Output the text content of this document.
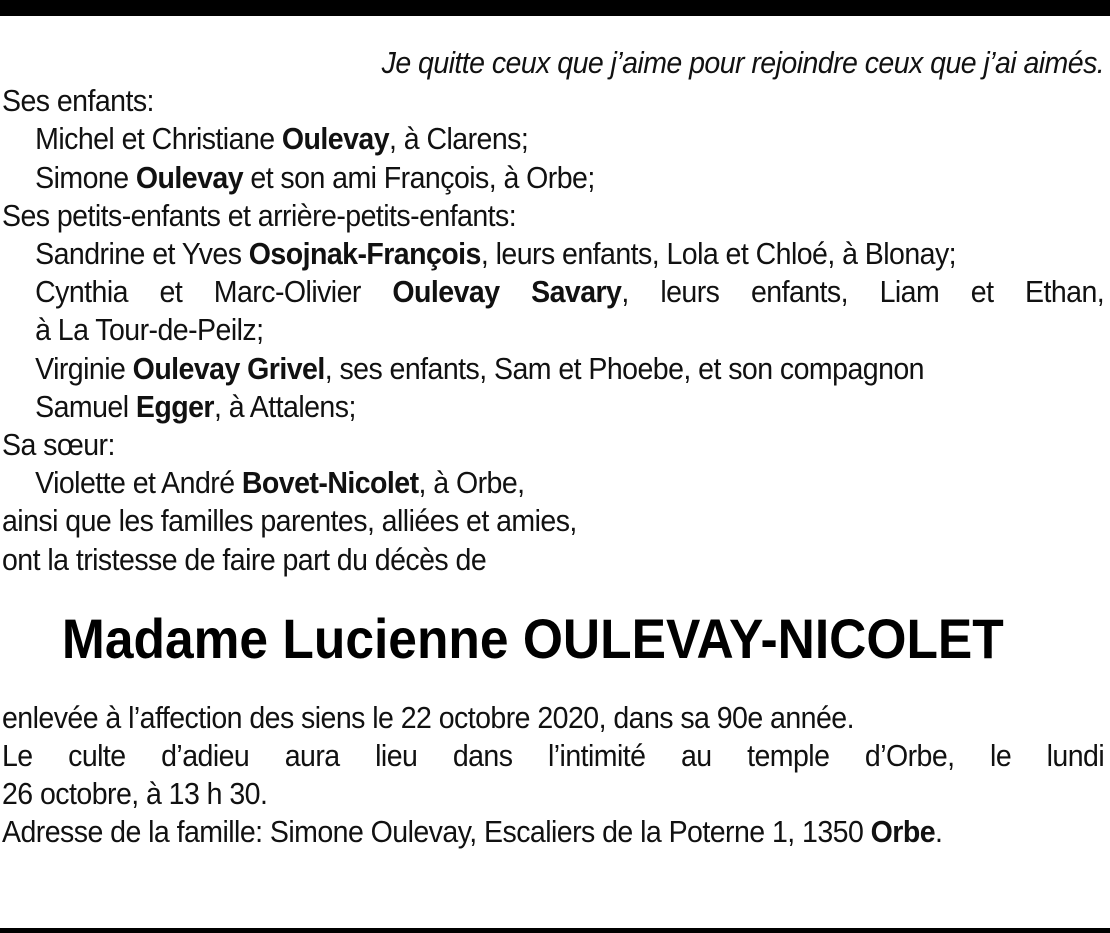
Je quitte ceux que j’aime pour rejoindre ceux que j’ai aimés.
Ses enfants:
Michel et Christiane Oulevay, à Clarens;
Simone Oulevay et son ami François, à Orbe;
Ses petits-enfants et arrière-petits-enfants:
Sandrine et Yves Osojnak-François, leurs enfants, Lola et Chloé, à Blonay;
Cynthia et Marc-Olivier Oulevay Savary, leurs enfants, Liam et Ethan,
à La Tour-de-Peilz;
Virginie Oulevay Grivel, ses enfants, Sam et Phoebe, et son compagnon
Samuel Egger, à Attalens;
Sa sœur:
Violette et André Bovet-Nicolet, à Orbe,
ainsi que les familles parentes, alliées et amies,
ont la tristesse de faire part du décès de
Madame Lucienne OULEVAY-NICOLET
enlevée à l’affection des siens le 22 octobre 2020, dans sa 90e année.
Le culte d’adieu aura lieu dans l’intimité au temple d’Orbe, le lundi
26 octobre, à 13 h 30.
Adresse de la famille: Simone Oulevay, Escaliers de la Poterne 1, 1350 Orbe.
